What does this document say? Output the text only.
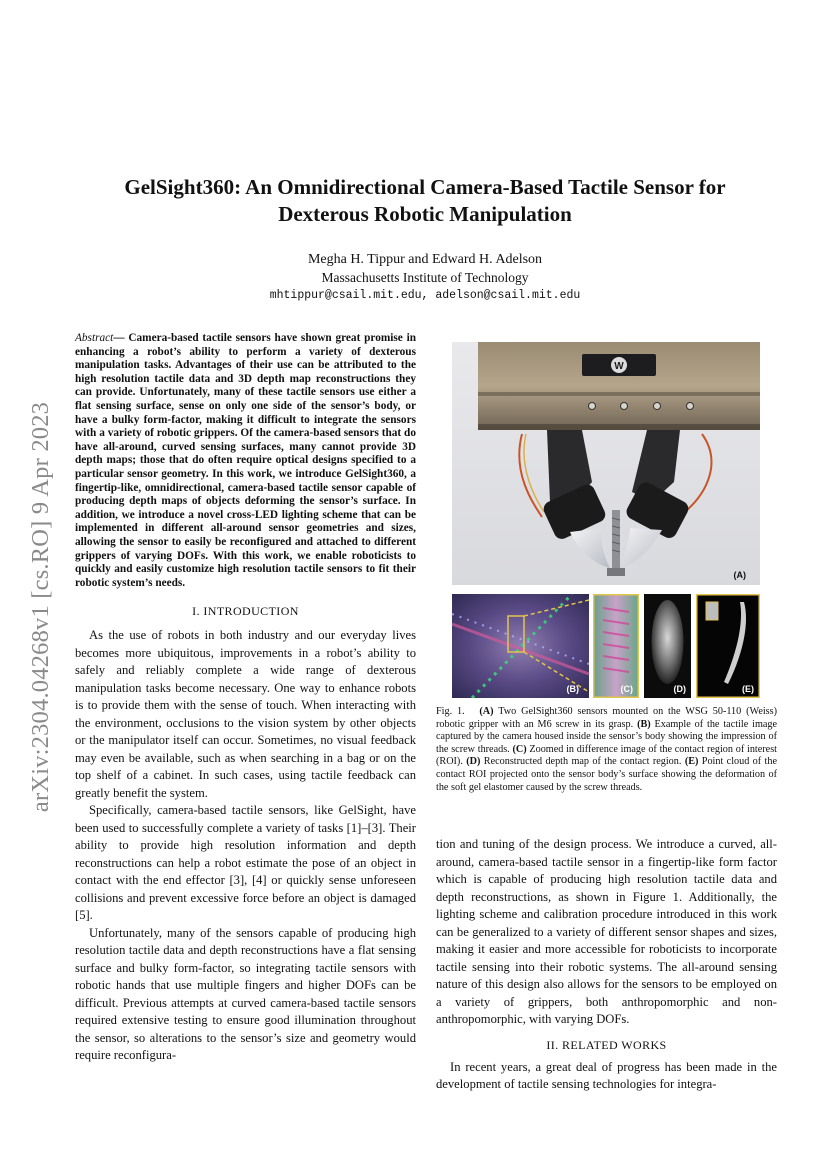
arXiv:2304.04268v1 [cs.RO] 9 Apr 2023
GelSight360: An Omnidirectional Camera-Based Tactile Sensor for
Dexterous Robotic Manipulation
Megha H. Tippur and Edward H. Adelson
Massachusetts Institute of Technology
mhtippur@csail.mit.edu, adelson@csail.mit.edu

Abstract— Camera-based tactile sensors have shown great promise in enhancing a robot’s ability to perform a variety of dexterous manipulation tasks. Advantages of their use can be attributed to the high resolution tactile data and 3D depth map reconstructions they can provide. Unfortunately, many of these tactile sensors use either a flat sensing surface, sense on only one side of the sensor’s body, or have a bulky form-factor, making it difficult to integrate the sensors with a variety of robotic grippers. Of the camera-based sensors that do have all-around, curved sensing surfaces, many cannot provide 3D depth maps; those that do often require optical designs specified to a particular sensor geometry. In this work, we introduce GelSight360, a fingertip-like, omnidirectional, camera-based tactile sensor capable of producing depth maps of objects deforming the sensor’s surface. In addition, we introduce a novel cross-LED lighting scheme that can be implemented in different all-around sensor geometries and sizes, allowing the sensor to easily be reconfigured and attached to different grippers of varying DOFs. With this work, we enable roboticists to quickly and easily customize high resolution tactile sensors to fit their robotic system’s needs.

I. INTRODUCTION

As the use of robots in both industry and our everyday lives becomes more ubiquitous, improvements in a robot’s ability to safely and reliably complete a wide range of dexterous manipulation tasks become necessary. One way to enhance robots is to provide them with the sense of touch. When interacting with the environment, occlusions to the vision system by other objects or the manipulator itself can occur. Sometimes, no visual feedback may even be available, such as when searching in a bag or on the top shelf of a cabinet. In such cases, using tactile feedback can greatly benefit the system.

Specifically, camera-based tactile sensors, like GelSight, have been used to successfully complete a variety of tasks [1]–[3]. Their ability to provide high resolution information and depth reconstructions can help a robot estimate the pose of an object in contact with the end effector [3], [4] or quickly sense unforeseen collisions and prevent excessive force before an object is damaged [5].

Unfortunately, many of the sensors capable of producing high resolution tactile data and depth reconstructions have a flat sensing surface and bulky form-factor, so integrating tactile sensors with robotic hands that use multiple fingers and higher DOFs can be difficult. Previous attempts at curved camera-based tactile sensors required extensive testing to ensure good illumination throughout the sensor, so alterations to the sensor’s size and geometry would require reconfigura-

W
(A)
(B)	(C)	(D)	(E)
Fig. 1. (A) Two GelSight360 sensors mounted on the WSG 50-110 (Weiss) robotic gripper with an M6 screw in its grasp. (B) Example of the tactile image captured by the camera housed inside the sensor’s body showing the impression of the screw threads. (C) Zoomed in difference image of the contact region of interest (ROI). (D) Reconstructed depth map of the contact region. (E) Point cloud of the contact ROI projected onto the sensor body’s surface showing the deformation of the soft gel elastomer caused by the screw threads.

tion and tuning of the design process. We introduce a curved, all-around, camera-based tactile sensor in a fingertip-like form factor which is capable of producing high resolution tactile data and depth reconstructions, as shown in Figure 1. Additionally, the lighting scheme and calibration procedure introduced in this work can be generalized to a variety of different sensor shapes and sizes, making it easier and more accessible for roboticists to incorporate tactile sensing into their robotic systems. The all-around sensing nature of this design also allows for the sensors to be employed on a variety of grippers, both anthropomorphic and non-anthropomorphic, with varying DOFs.

II. RELATED WORKS

In recent years, a great deal of progress has been made in the development of tactile sensing technologies for integra-
